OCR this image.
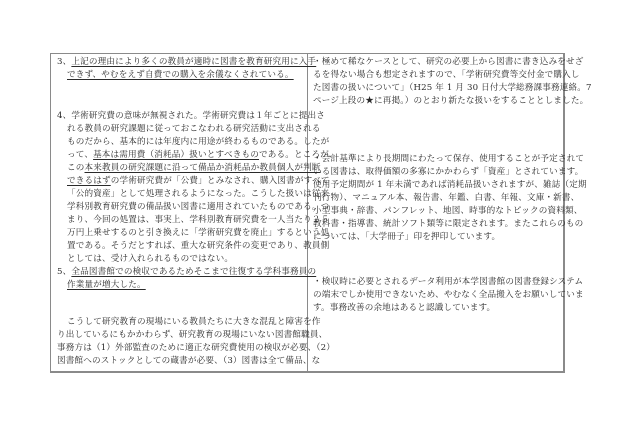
3、上記の理由により多くの教員が適時に図書を教育研究用に入手
できず、やむをえず自費での購入を余儀なくされている。
4、学術研究費の意味が無視された。学術研究費は１年ごとに提出さ
れる教員の研究課題に従っておこなわれる研究活動に支出される
ものだから、基本的には年度内に用途が終わるものである。したが
って、基本は需用費（消耗品）扱いとすべきものである。ところが、
この本来教員の研究課題に沿って備品か消耗品か教員個人が判断
できるはずの学術研究費が「公費」とみなされ、購入図書がすべて
「公的資産」として処理されるようになった。こうした扱いは従来
学科別教育研究費の備品扱い図書に適用されていたものである。つ
まり、今回の処置は、事実上、学科別教育研究費を一人当たり２５
万円上乗せするのと引き換えに「学術研究費を廃止」するという処
置である。そうだとすれば、重大な研究条件の変更であり、教員側
としては、受け入れられるものではない。
5、全品図書館での検収であるためそこまで往復する学科事務員の
作業量が増大した。
こうして研究教育の現場にいる教員たちに大きな混乱と障害を作
り出しているにもかかわらず、研究教育の現場にいない図書館職員、
事務方は（1）外部監査のために適正な研究費使用の検収が必要、（2）
図書館へのストックとしての蔵書が必要、（3）図書は全て備品、な
・極めて稀なケースとして、研究の必要上から図書に書き込みをせざ
るを得ない場合も想定されますので、「学術研究費等交付金で購入し
た図書の扱いについて」（H25 年 1 月 30 日付大学総務課事務連絡。7
ページ上段の★に再掲。）のとおり新たな扱いをすることとしました。
・会計基準により長期間にわたって保存、使用することが予定されて
いる図書は、取得価額の多寡にかかわらず「資産」とされています。
使用予定期間が 1 年未満であれば消耗品扱いされますが、雑誌（定期
刊行物）、マニュアル本、報告書、年鑑、白書、年報、文庫・新書、
小型事典・辞書、パンフレット、地図、時事的なトピックの資料類、
教科書・指導書、統計ソフト類等に限定されます。またこれらのもの
については、「大学冊子」印を押印しています。
・検収時に必要とされるデータ利用が本学図書館の図書登録システム
の端末でしか使用できないため、やむなく全品搬入をお願いしていま
す。事務改善の余地はあると認識しています。
